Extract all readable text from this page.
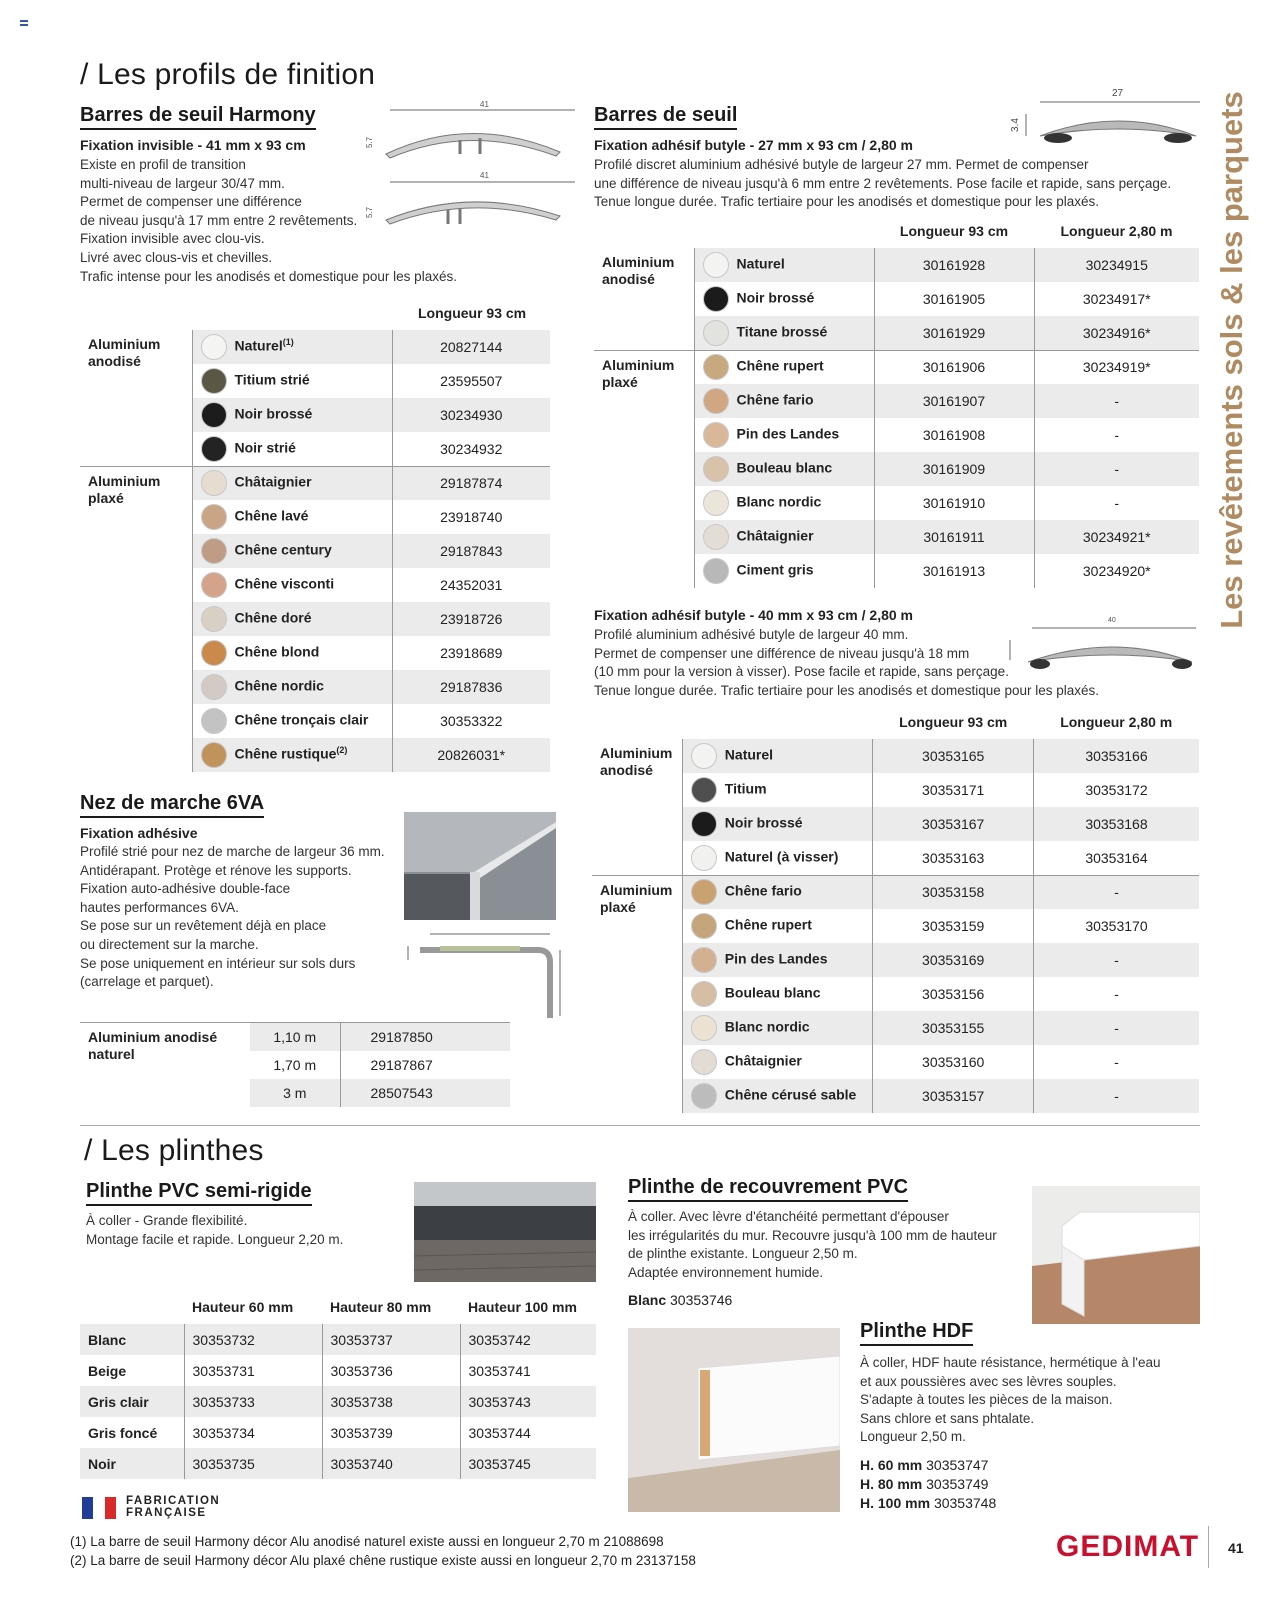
Les revêtements sols & les parquets
/ Les profils de finition
Barres de seuil Harmony
Fixation invisible - 41 mm x 93 cm
Existe en profil de transition
multi-niveau de largeur 30/47 mm.
Permet de compenser une différence
de niveau jusqu'à 17 mm entre 2 revêtements.
Fixation invisible avec clou-vis.
Livré avec clous-vis et chevilles.
Trafic intense pour les anodisés et domestique pour les plaxés.
41
5.7
41
5.7
		Longueur 93 cm
Aluminium anodisé	Naturel$^{(1)}$	20827144
	Titium strié	23595507
	Noir brossé	30234930
	Noir strié	30234932
Aluminium plaxé	Châtaignier	29187874
	Chêne lavé	23918740
	Chêne century	29187843
	Chêne visconti	24352031
	Chêne doré	23918726
	Chêne blond	23918689
	Chêne nordic	29187836
	Chêne tronçais clair	30353322
	Chêne rustique$^{(2)}$	20826031*
Nez de marche 6VA
Fixation adhésive
Profilé strié pour nez de marche de largeur 36 mm.
Antidérapant. Protège et rénove les supports.
Fixation auto-adhésive double-face
hautes performances 6VA.
Se pose sur un revêtement déjà en place
ou directement sur la marche.
Se pose uniquement en intérieur sur sols durs
(carrelage et parquet).
Aluminium anodisé naturel	1,10 m	29187850
	1,70 m	29187867
	3 m	28507543
Barres de seuil
Fixation adhésif butyle - 27 mm x 93 cm / 2,80 m
Profilé discret aluminium adhésivé butyle de largeur 27 mm. Permet de compenser
une différence de niveau jusqu'à 6 mm entre 2 revêtements. Pose facile et rapide, sans perçage.
Tenue longue durée. Trafic tertiaire pour les anodisés et domestique pour les plaxés.
27
3.4
		Longueur 93 cm	Longueur 2,80 m
Aluminium anodisé	Naturel	30161928	30234915
	Noir brossé	30161905	30234917*
	Titane brossé	30161929	30234916*
Aluminium plaxé	Chêne rupert	30161906	30234919*
	Chêne fario	30161907	-
	Pin des Landes	30161908	-
	Bouleau blanc	30161909	-
	Blanc nordic	30161910	-
	Châtaignier	30161911	30234921*
	Ciment gris	30161913	30234920*
Fixation adhésif butyle - 40 mm x 93 cm / 2,80 m
Profilé aluminium adhésivé butyle de largeur 40 mm.
Permet de compenser une différence de niveau jusqu'à 18 mm
(10 mm pour la version à visser). Pose facile et rapide, sans perçage.
Tenue longue durée. Trafic tertiaire pour les anodisés et domestique pour les plaxés.
40
		Longueur 93 cm	Longueur 2,80 m
Aluminium anodisé	Naturel	30353165	30353166
	Titium	30353171	30353172
	Noir brossé	30353167	30353168
	Naturel (à visser)	30353163	30353164
Aluminium plaxé	Chêne fario	30353158	-
	Chêne rupert	30353159	30353170
	Pin des Landes	30353169	-
	Bouleau blanc	30353156	-
	Blanc nordic	30353155	-
	Châtaignier	30353160	-
	Chêne cérusé sable	30353157	-
/ Les plinthes
Plinthe PVC semi-rigide
À coller - Grande flexibilité.
Montage facile et rapide. Longueur 2,20 m.
	Hauteur 60 mm	Hauteur 80 mm	Hauteur 100 mm
Blanc	30353732	30353737	30353742
Beige	30353731	30353736	30353741
Gris clair	30353733	30353738	30353743
Gris foncé	30353734	30353739	30353744
Noir	30353735	30353740	30353745
FABRICATION
FRANÇAISE
Plinthe de recouvrement PVC
À coller. Avec lèvre d'étanchéité permettant d'épouser
les irrégularités du mur. Recouvre jusqu'à 100 mm de hauteur
de plinthe existante. Longueur 2,50 m.
Adaptée environnement humide.
Blanc 30353746
Plinthe HDF
À coller, HDF haute résistance, hermétique à l'eau
et aux poussières avec ses lèvres souples.
S'adapte à toutes les pièces de la maison.
Sans chlore et sans phtalate.
Longueur 2,50 m.
H. 60 mm 30353747
H. 80 mm 30353749
H. 100 mm 30353748
(1) La barre de seuil Harmony décor Alu anodisé naturel existe aussi en longueur 2,70 m 21088698
(2) La barre de seuil Harmony décor Alu plaxé chêne rustique existe aussi en longueur 2,70 m 23137158	GEDIMAT 41
